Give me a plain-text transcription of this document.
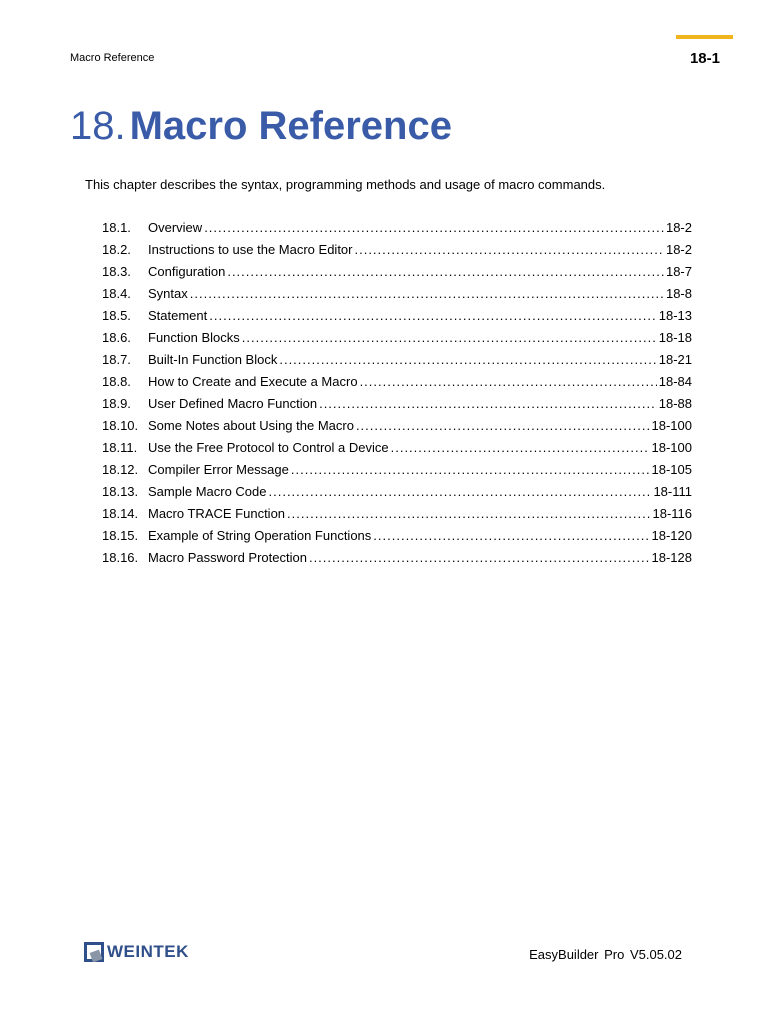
Macro Reference	18-1
18. Macro Reference

This chapter describes the syntax, programming methods and usage of macro commands.

18.1.	Overview .....	18-2
18.2.	Instructions to use the Macro Editor .....	18-2
18.3.	Configuration .....	18-7
18.4.	Syntax .....	18-8
18.5.	Statement .....	18-13
18.6.	Function Blocks .....	18-18
18.7.	Built-In Function Block .....	18-21
18.8.	How to Create and Execute a Macro .....	18-84
18.9.	User Defined Macro Function .....	18-88
18.10. Some Notes about Using the Macro .....	18-100
18.11. Use the Free Protocol to Control a Device .....	18-100
18.12. Compiler Error Message .....	18-105
18.13. Sample Macro Code .....	18-111
18.14. Macro TRACE Function .....	18-116
18.15. Example of String Operation Functions .....	18-120
18.16. Macro Password Protection .....	18-128
WEINTEK	EasyBuilder Pro V5.05.02
